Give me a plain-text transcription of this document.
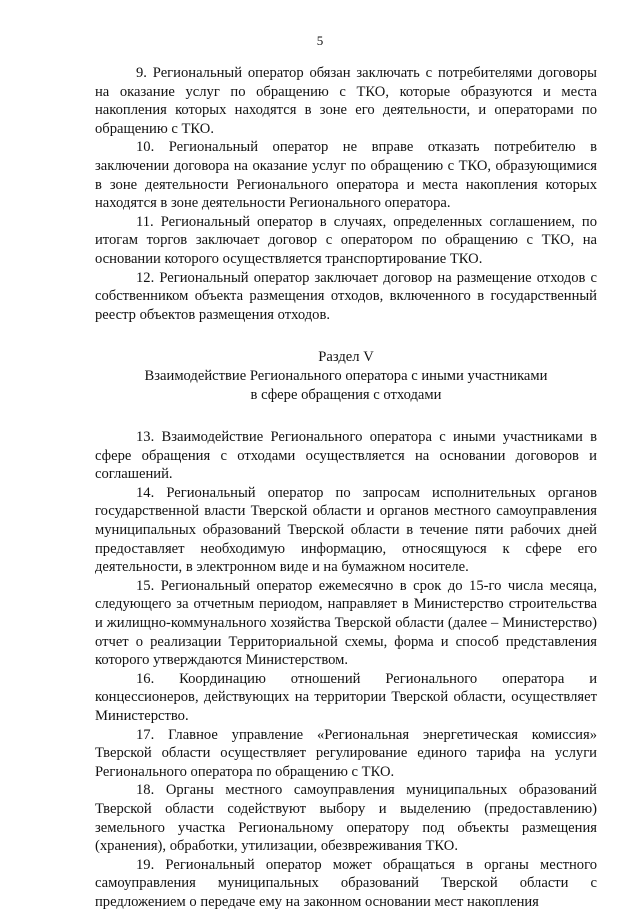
5

9. Региональный оператор обязан заключать с потребителями договоры на оказание услуг по обращению с ТКО, которые образуются и места накопления которых находятся в зоне его деятельности, и операторами по обращению с ТКО.

10. Региональный оператор не вправе отказать потребителю в заключении договора на оказание услуг по обращению с ТКО, образующимися в зоне деятельности Регионального оператора и места накопления которых находятся в зоне деятельности Регионального оператора.

11. Региональный оператор в случаях, определенных соглашением, по итогам торгов заключает договор с оператором по обращению с ТКО, на основании которого осуществляется транспортирование ТКО.

12. Региональный оператор заключает договор на размещение отходов с собственником объекта размещения отходов, включенного в государственный реестр объектов размещения отходов.

Раздел V

Взаимодействие Регионального оператора с иными участниками

в сфере обращения с отходами

13. Взаимодействие Регионального оператора с иными участниками в сфере обращения с отходами осуществляется на основании договоров и соглашений.

14. Региональный оператор по запросам исполнительных органов государственной власти Тверской области и органов местного самоуправления муниципальных образований Тверской области в течение пяти рабочих дней предоставляет необходимую информацию, относящуюся к сфере его деятельности, в электронном виде и на бумажном носителе.

15. Региональный оператор ежемесячно в срок до 15-го числа месяца, следующего за отчетным периодом, направляет в Министерство строительства и жилищно-коммунального хозяйства Тверской области (далее – Министерство) отчет о реализации Территориальной схемы, форма и способ представления которого утверждаются Министерством.

16. Координацию отношений Регионального оператора и концессионеров, действующих на территории Тверской области, осуществляет Министерство.

17. Главное управление «Региональная энергетическая комиссия» Тверской области осуществляет регулирование единого тарифа на услуги Регионального оператора по обращению с ТКО.

18. Органы местного самоуправления муниципальных образований Тверской области содействуют выбору и выделению (предоставлению) земельного участка Региональному оператору под объекты размещения (хранения), обработки, утилизации, обезвреживания ТКО.

19. Региональный оператор может обращаться в органы местного самоуправления муниципальных образований Тверской области с предложением о передаче ему на законном основании мест накопления
